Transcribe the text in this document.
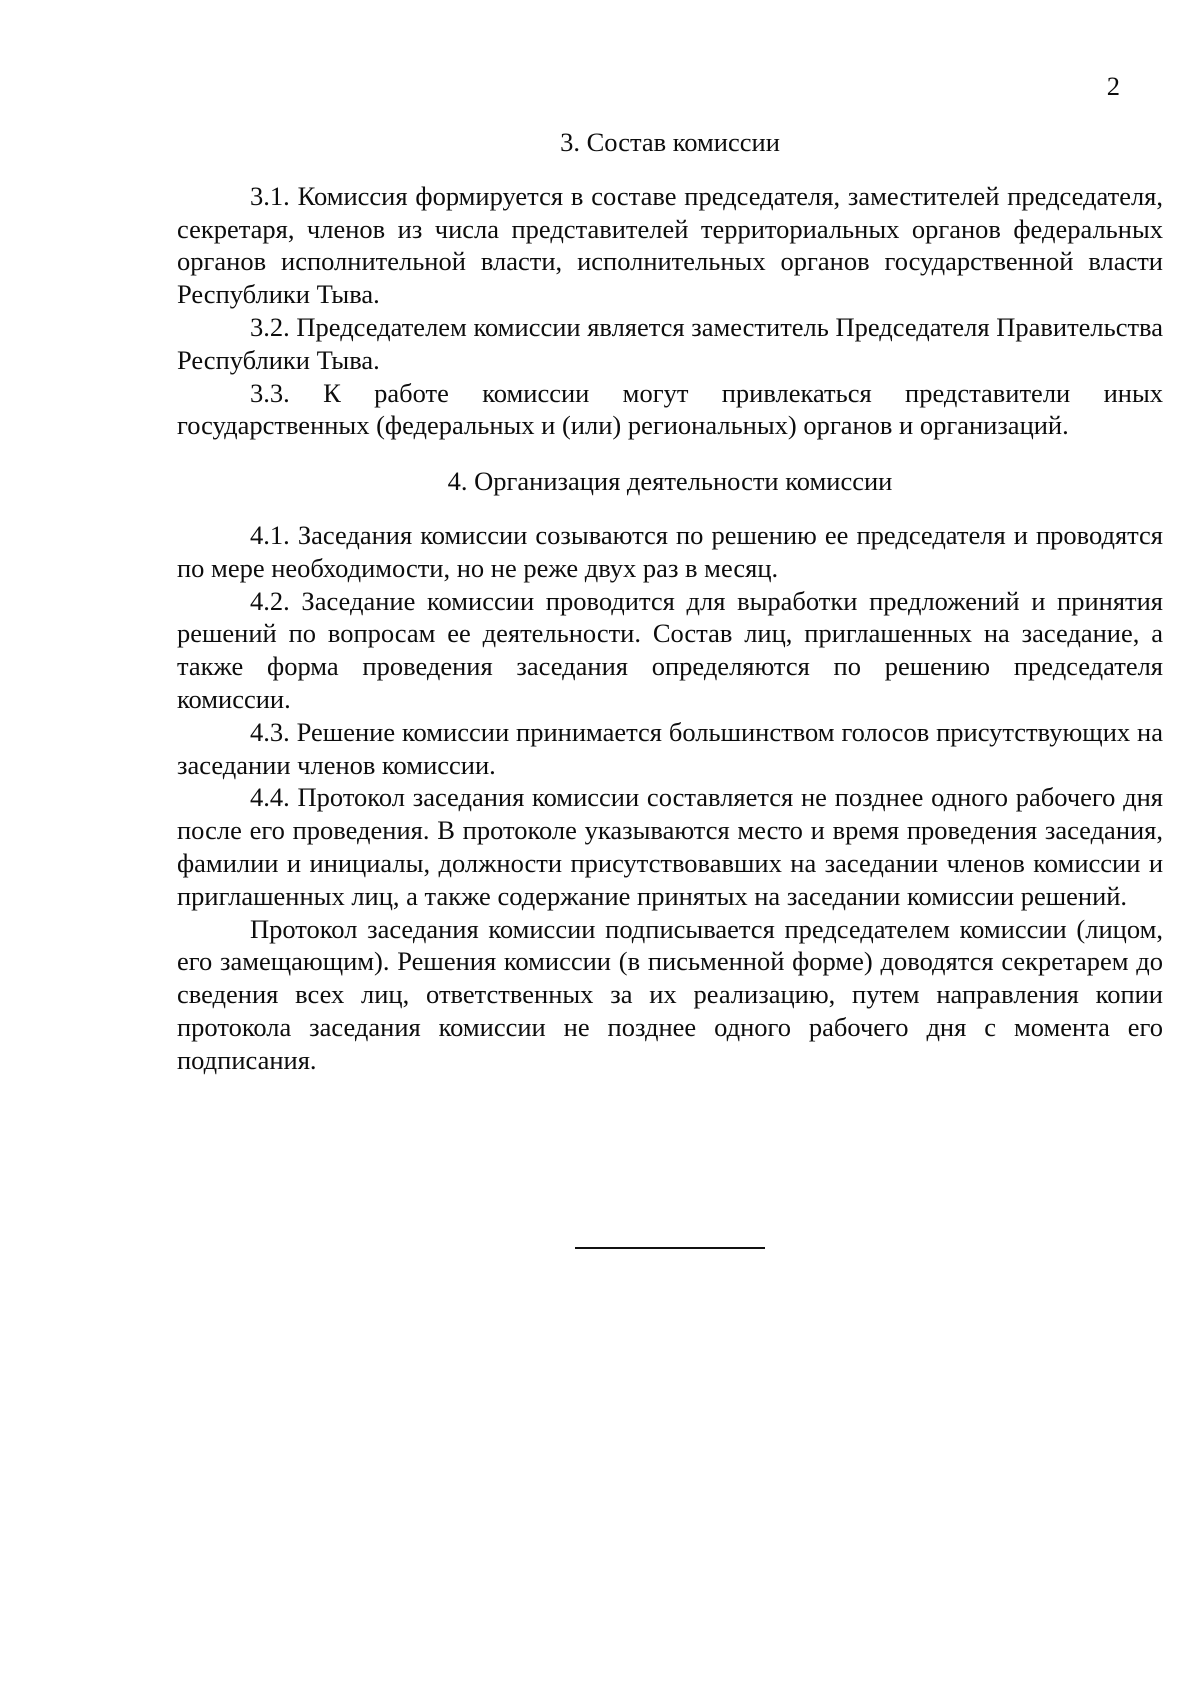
2
3. Состав комиссии

3.1. Комиссия формируется в составе председателя, заместителей председателя, секретаря, членов из числа представителей территориальных органов федеральных органов исполнительной власти, исполнительных органов государственной власти Республики Тыва.

3.2. Председателем комиссии является заместитель Председателя Правительства Республики Тыва.

3.3. К работе комиссии могут привлекаться представители иных государственных (федеральных и (или) региональных) органов и организаций.

4. Организация деятельности комиссии

4.1. Заседания комиссии созываются по решению ее председателя и проводятся по мере необходимости, но не реже двух раз в месяц.

4.2. Заседание комиссии проводится для выработки предложений и принятия решений по вопросам ее деятельности. Состав лиц, приглашенных на заседание, а также форма проведения заседания определяются по решению председателя комиссии.

4.3. Решение комиссии принимается большинством голосов присутствующих на заседании членов комиссии.

4.4. Протокол заседания комиссии составляется не позднее одного рабочего дня после его проведения. В протоколе указываются место и время проведения заседания, фамилии и инициалы, должности присутствовавших на заседании членов комиссии и приглашенных лиц, а также содержание принятых на заседании комиссии решений.

Протокол заседания комиссии подписывается председателем комиссии (лицом, его замещающим). Решения комиссии (в письменной форме) доводятся секретарем до сведения всех лиц, ответственных за их реализацию, путем направления копии протокола заседания комиссии не позднее одного рабочего дня с момента его подписания.
